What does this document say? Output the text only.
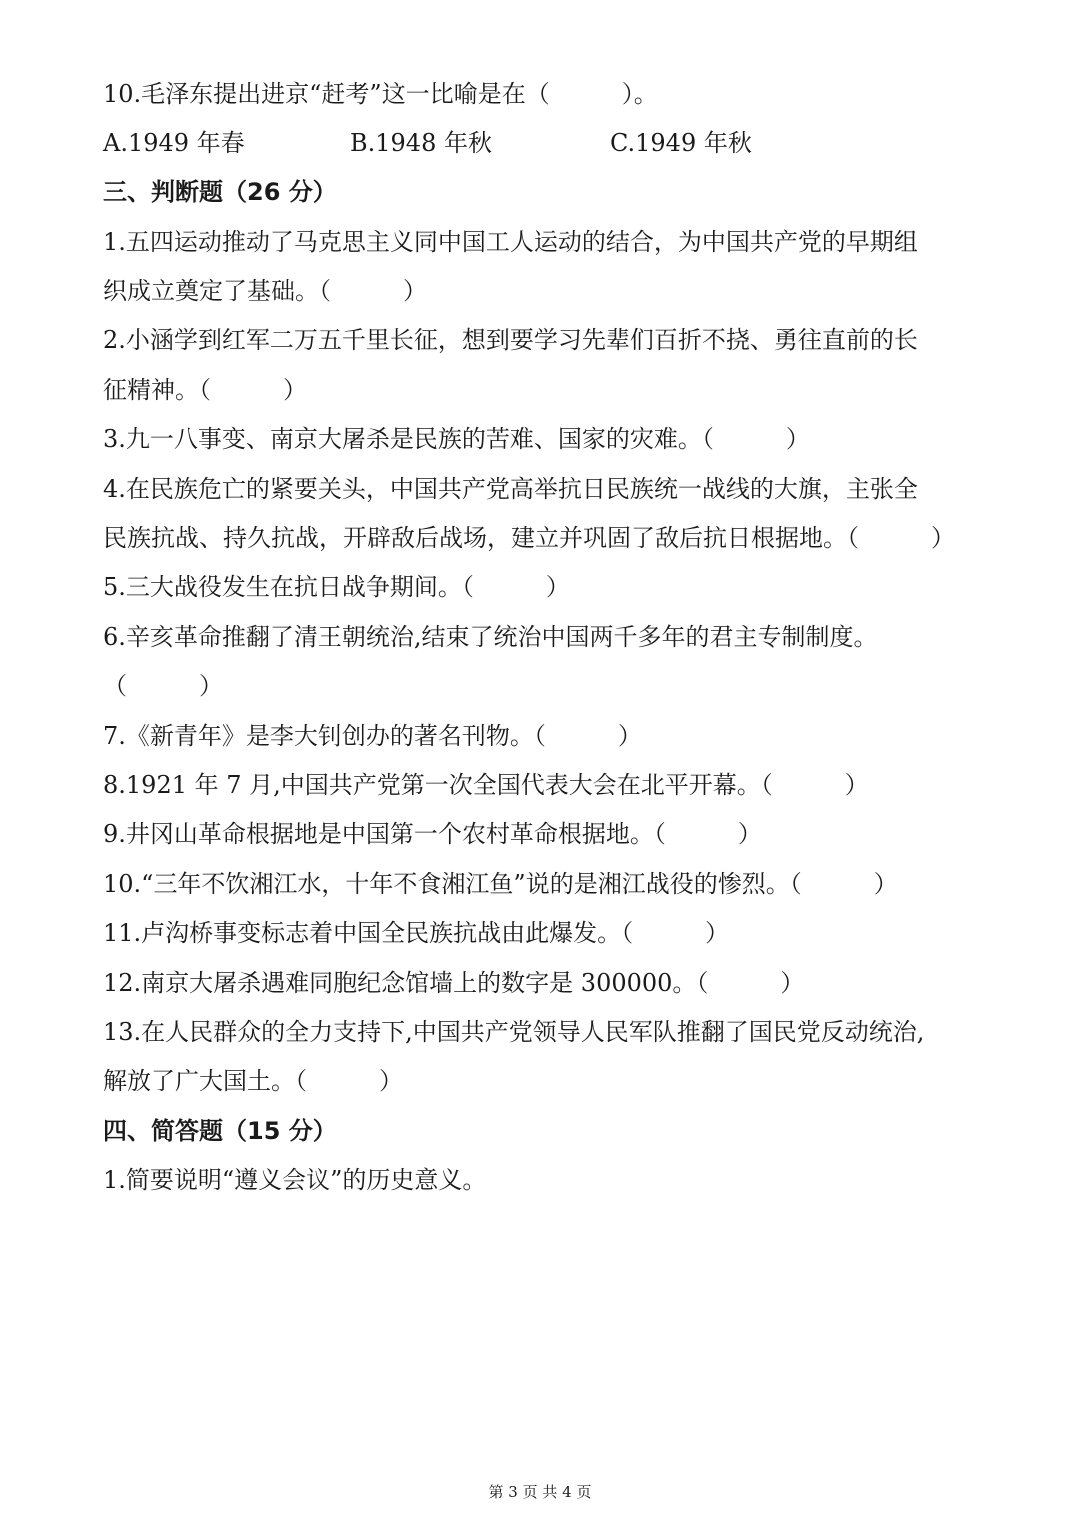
10.毛泽东提出进京“赶考”这一比喻是在（　　　）。
A.1949 年春	B.1948 年秋	C.1949 年秋
三、判断题（26 分）
1.五四运动推动了马克思主义同中国工人运动的结合，为中国共产党的早期组
织成立奠定了基础。（　　　）
2.小涵学到红军二万五千里长征，想到要学习先辈们百折不挠、勇往直前的长
征精神。（　　　）
3.九一八事变、南京大屠杀是民族的苦难、国家的灾难。（　　　）
4.在民族危亡的紧要关头，中国共产党高举抗日民族统一战线的大旗，主张全
民族抗战、持久抗战，开辟敌后战场，建立并巩固了敌后抗日根据地。（　　　）
5.三大战役发生在抗日战争期间。（　　　）
6.辛亥革命推翻了清王朝统治,结束了统治中国两千多年的君主专制制度。
（　　　）
7.《新青年》是李大钊创办的著名刊物。（　　　）
8.1921 年 7 月,中国共产党第一次全国代表大会在北平开幕。（　　　）
9.井冈山革命根据地是中国第一个农村革命根据地。（　　　）
10.“三年不饮湘江水，十年不食湘江鱼”说的是湘江战役的惨烈。（　　　）
11.卢沟桥事变标志着中国全民族抗战由此爆发。（　　　）
12.南京大屠杀遇难同胞纪念馆墙上的数字是 300000。（　　　）
13.在人民群众的全力支持下,中国共产党领导人民军队推翻了国民党反动统治,
解放了广大国土。（　　　）
四、简答题（15 分）
1.简要说明“遵义会议”的历史意义。
第 3 页 共 4 页
